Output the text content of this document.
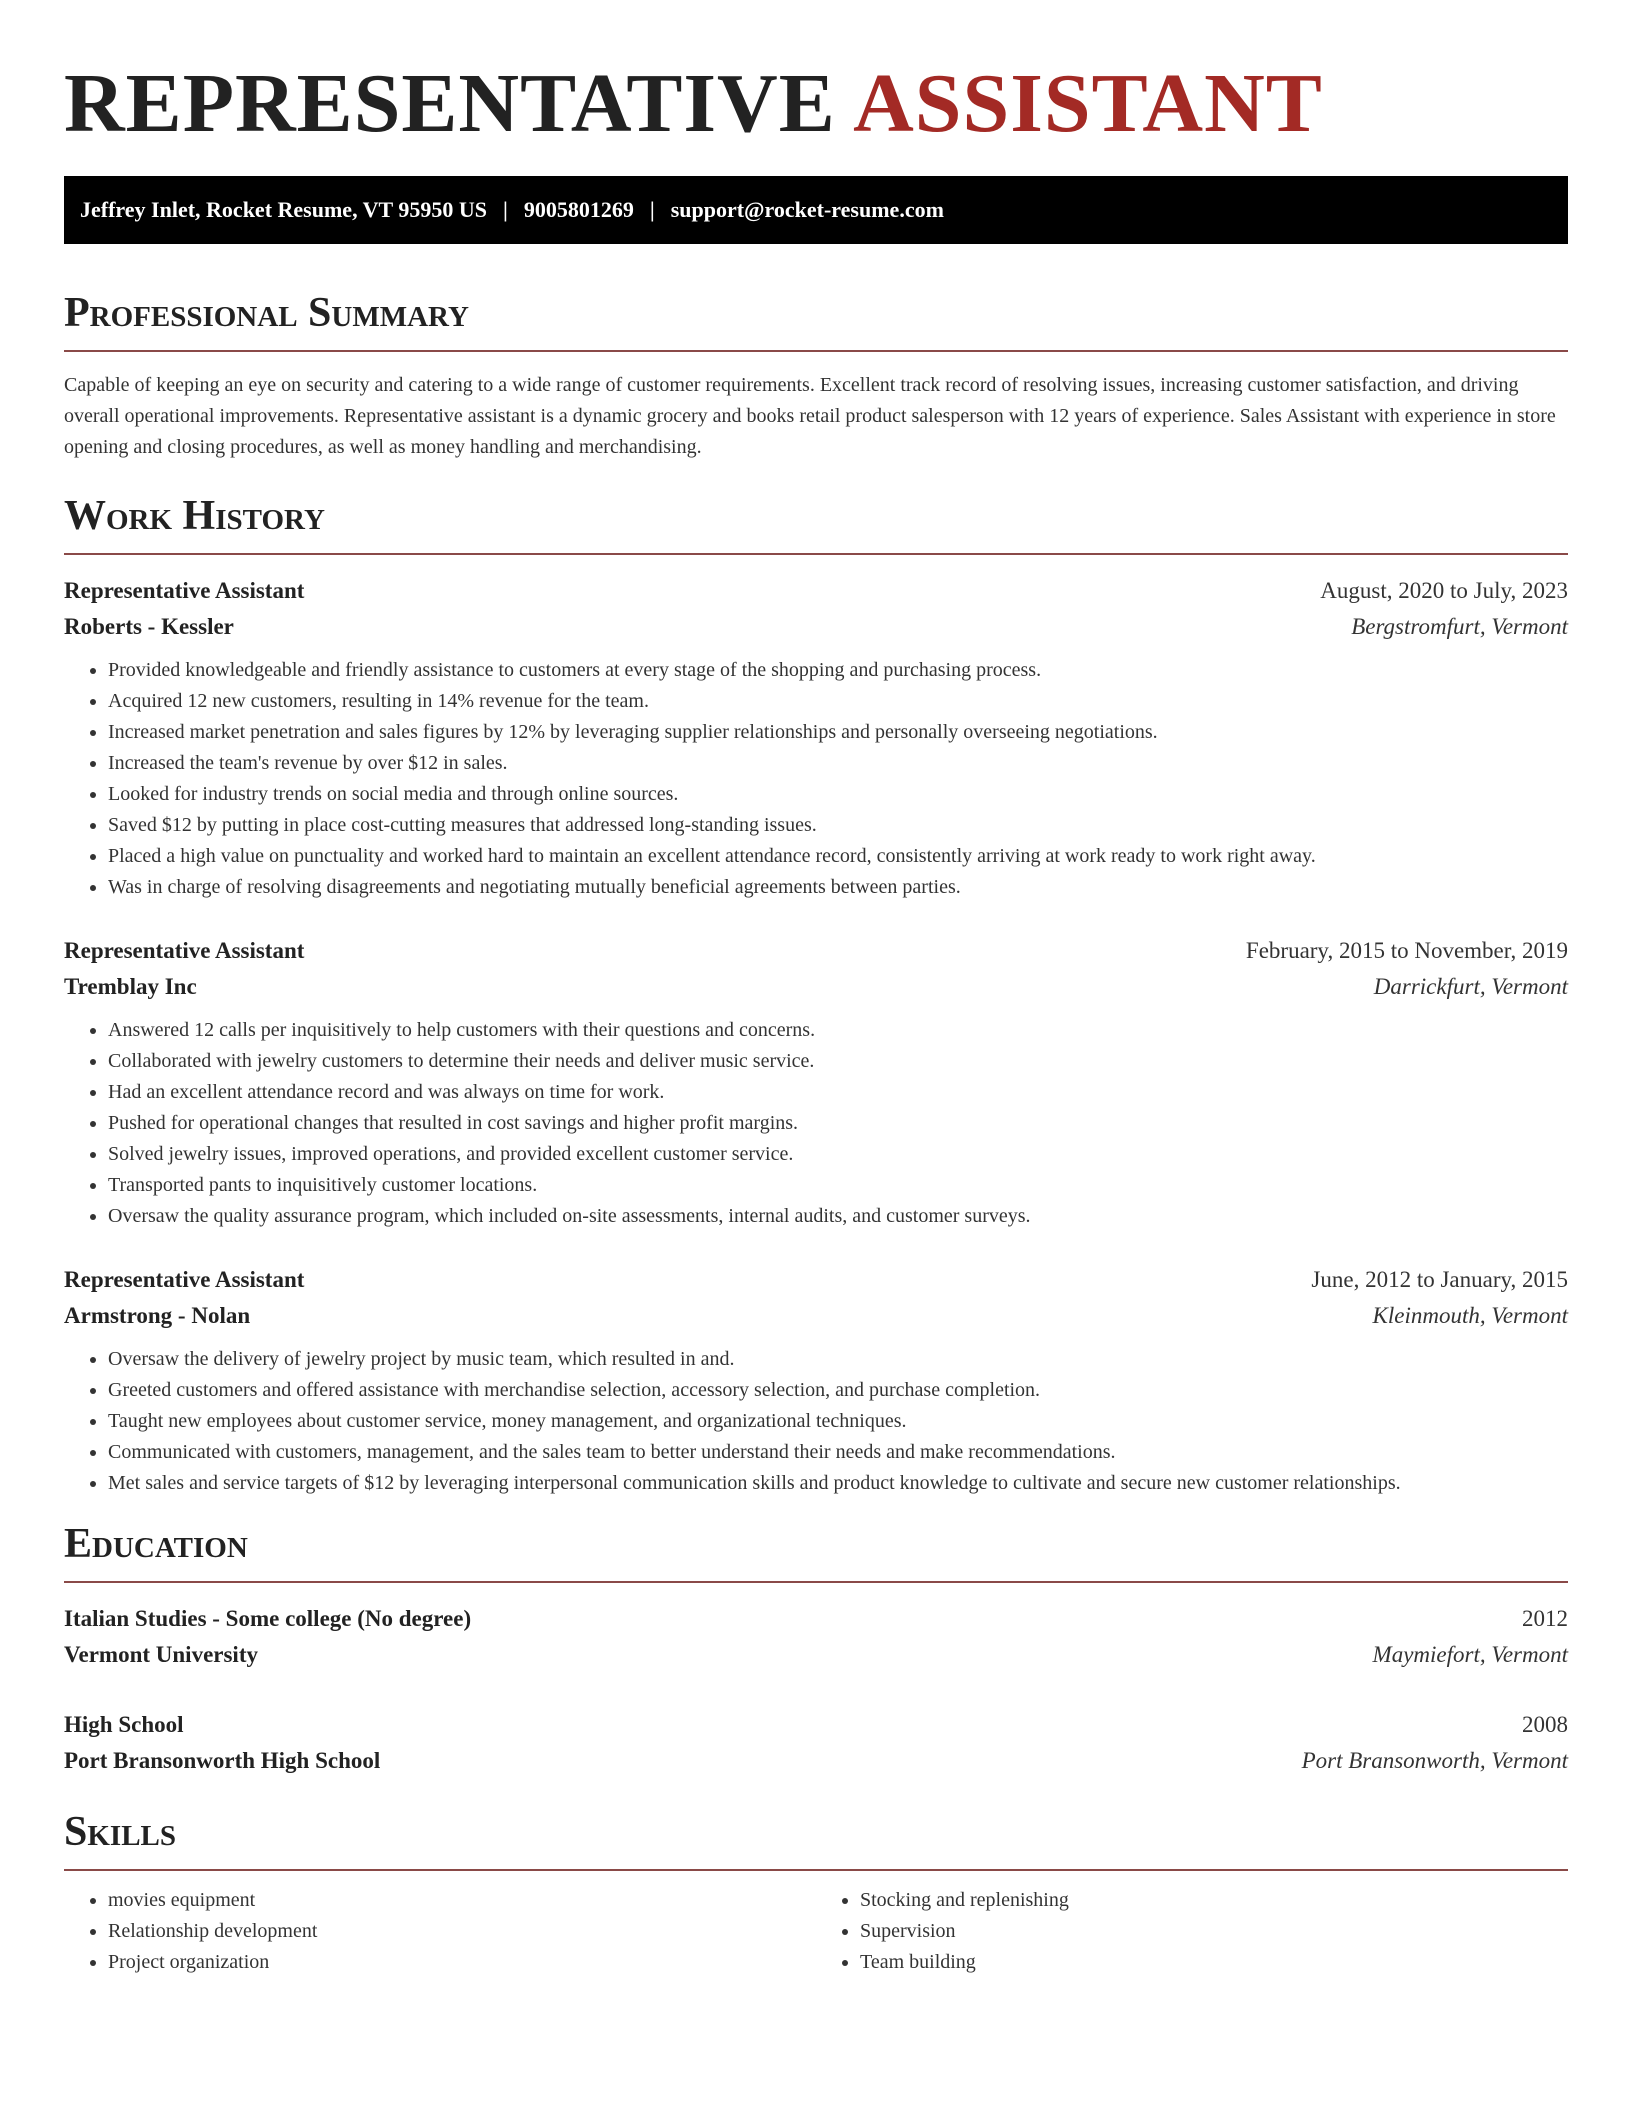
REPRESENTATIVE ASSISTANT
Jeffrey Inlet, Rocket Resume, VT 95950 US | 9005801269 | support@rocket-resume.com
Professional Summary

Capable of keeping an eye on security and catering to a wide range of customer requirements. Excellent track record of resolving issues, increasing customer satisfaction, and driving overall operational improvements. Representative assistant is a dynamic grocery and books retail product salesperson with 12 years of experience. Sales Assistant with experience in store opening and closing procedures, as well as money handling and merchandising.

Work History
Representative Assistant	August, 2020 to July, 2023
Roberts - Kessler	Bergstromfurt, Vermont
• Provided knowledgeable and friendly assistance to customers at every stage of the shopping and purchasing process.
• Acquired 12 new customers, resulting in 14% revenue for the team.
• Increased market penetration and sales figures by 12% by leveraging supplier relationships and personally overseeing negotiations.
• Increased the team's revenue by over $12 in sales.
• Looked for industry trends on social media and through online sources.
• Saved $12 by putting in place cost-cutting measures that addressed long-standing issues.
• Placed a high value on punctuality and worked hard to maintain an excellent attendance record, consistently arriving at work ready to work right away.
• Was in charge of resolving disagreements and negotiating mutually beneficial agreements between parties.
Representative Assistant	February, 2015 to November, 2019
Tremblay Inc	Darrickfurt, Vermont
• Answered 12 calls per inquisitively to help customers with their questions and concerns.
• Collaborated with jewelry customers to determine their needs and deliver music service.
• Had an excellent attendance record and was always on time for work.
• Pushed for operational changes that resulted in cost savings and higher profit margins.
• Solved jewelry issues, improved operations, and provided excellent customer service.
• Transported pants to inquisitively customer locations.
• Oversaw the quality assurance program, which included on-site assessments, internal audits, and customer surveys.
Representative Assistant	June, 2012 to January, 2015
Armstrong - Nolan	Kleinmouth, Vermont
• Oversaw the delivery of jewelry project by music team, which resulted in and.
• Greeted customers and offered assistance with merchandise selection, accessory selection, and purchase completion.
• Taught new employees about customer service, money management, and organizational techniques.
• Communicated with customers, management, and the sales team to better understand their needs and make recommendations.
• Met sales and service targets of $12 by leveraging interpersonal communication skills and product knowledge to cultivate and secure new customer relationships.
Education
Italian Studies - Some college (No degree)	2012
Vermont University	Maymiefort, Vermont
High School	2008
Port Bransonworth High School	Port Bransonworth, Vermont
Skills
• movies equipment
• Relationship development
• Project organization
• Stocking and replenishing
• Supervision
• Team building
